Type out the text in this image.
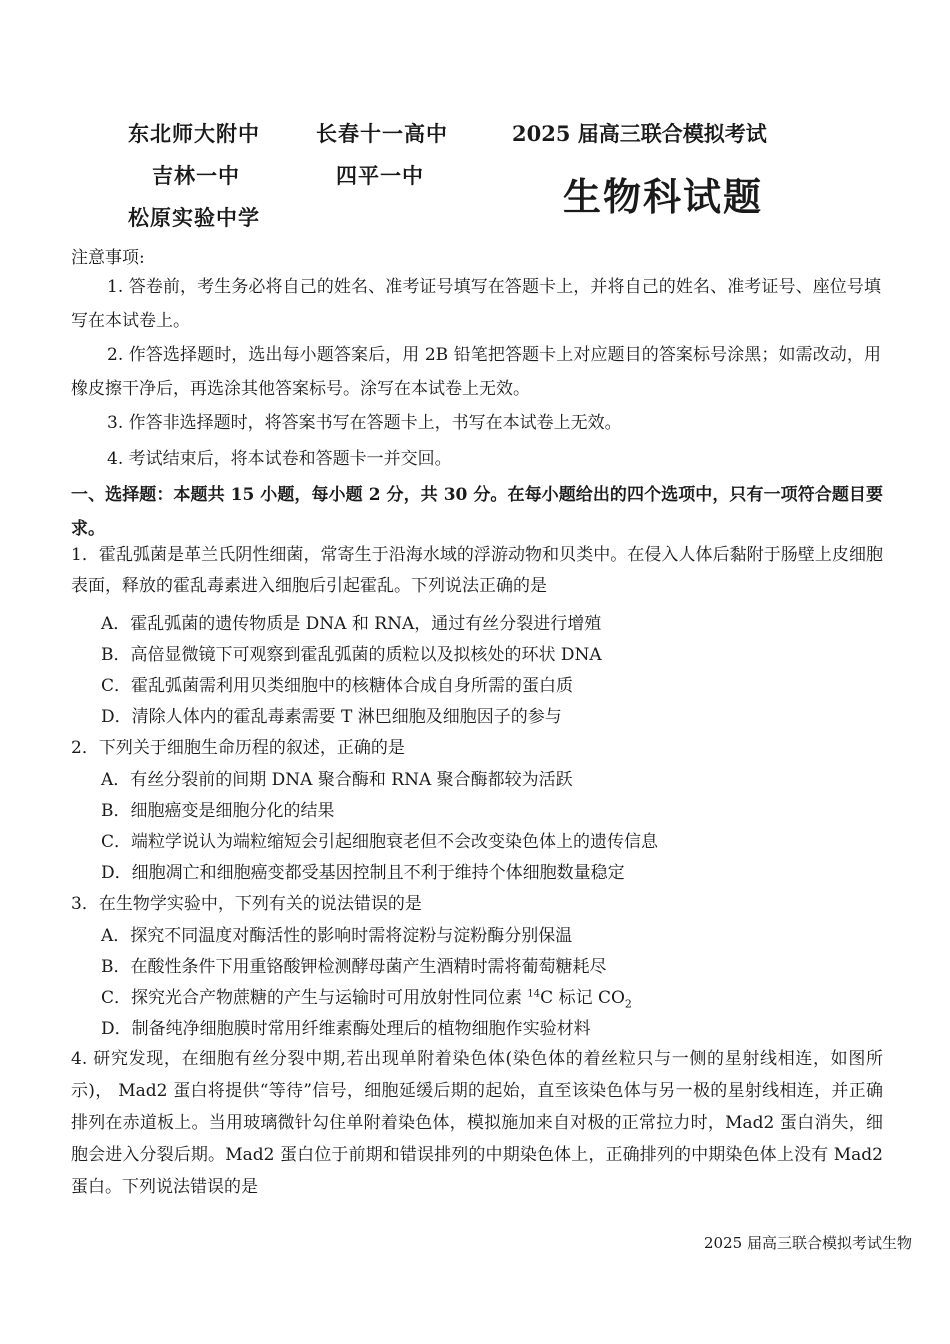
东北师大附中	长春十一高中
吉林一中	四平一中
松原实验中学
2025 届高三联合模拟考试
生物科试题
注意事项:
1. 答卷前，考生务必将自己的姓名、准考证号填写在答题卡上，并将自己的姓名、准考证号、座位号填写在本试卷上。
2. 作答选择题时，选出每小题答案后，用 2B 铅笔把答题卡上对应题目的答案标号涂黑；如需改动，用橡皮擦干净后，再选涂其他答案标号。涂写在本试卷上无效。
3. 作答非选择题时，将答案书写在答题卡上，书写在本试卷上无效。
4. 考试结束后，将本试卷和答题卡一并交回。
一、选择题：本题共 15 小题，每小题 2 分，共 30 分。在每小题给出的四个选项中，只有一项符合题目要求。
1．霍乱弧菌是革兰氏阴性细菌，常寄生于沿海水域的浮游动物和贝类中。在侵入人体后黏附于肠壁上皮细胞表面，释放的霍乱毒素进入细胞后引起霍乱。下列说法正确的是
A．霍乱弧菌的遗传物质是 DNA 和 RNA，通过有丝分裂进行增殖
B．高倍显微镜下可观察到霍乱弧菌的质粒以及拟核处的环状 DNA
C．霍乱弧菌需利用贝类细胞中的核糖体合成自身所需的蛋白质
D．清除人体内的霍乱毒素需要 T 淋巴细胞及细胞因子的参与
2．下列关于细胞生命历程的叙述，正确的是
A．有丝分裂前的间期 DNA 聚合酶和 RNA 聚合酶都较为活跃
B．细胞癌变是细胞分化的结果
C．端粒学说认为端粒缩短会引起细胞衰老但不会改变染色体上的遗传信息
D．细胞凋亡和细胞癌变都受基因控制且不利于维持个体细胞数量稳定
3．在生物学实验中，下列有关的说法错误的是
A．探究不同温度对酶活性的影响时需将淀粉与淀粉酶分别保温
B．在酸性条件下用重铬酸钾检测酵母菌产生酒精时需将葡萄糖耗尽
C．探究光合产物蔗糖的产生与运输时可用放射性同位素 $^{14}$C 标记 $CO_2$
D．制备纯净细胞膜时常用纤维素酶处理后的植物细胞作实验材料
4. 研究发现，在细胞有丝分裂中期,若出现单附着染色体(染色体的着丝粒只与一侧的星射线相连，如图所示)， Mad2 蛋白将提供“等待”信号，细胞延缓后期的起始，直至该染色体与另一极的星射线相连，并正确排列在赤道板上。当用玻璃微针勾住单附着染色体，模拟施加来自对极的正常拉力时，Mad2 蛋白消失，细胞会进入分裂后期。Mad2 蛋白位于前期和错误排列的中期染色体上，正确排列的中期染色体上没有 Mad2 蛋白。下列说法错误的是
2025 届高三联合模拟考试生物
